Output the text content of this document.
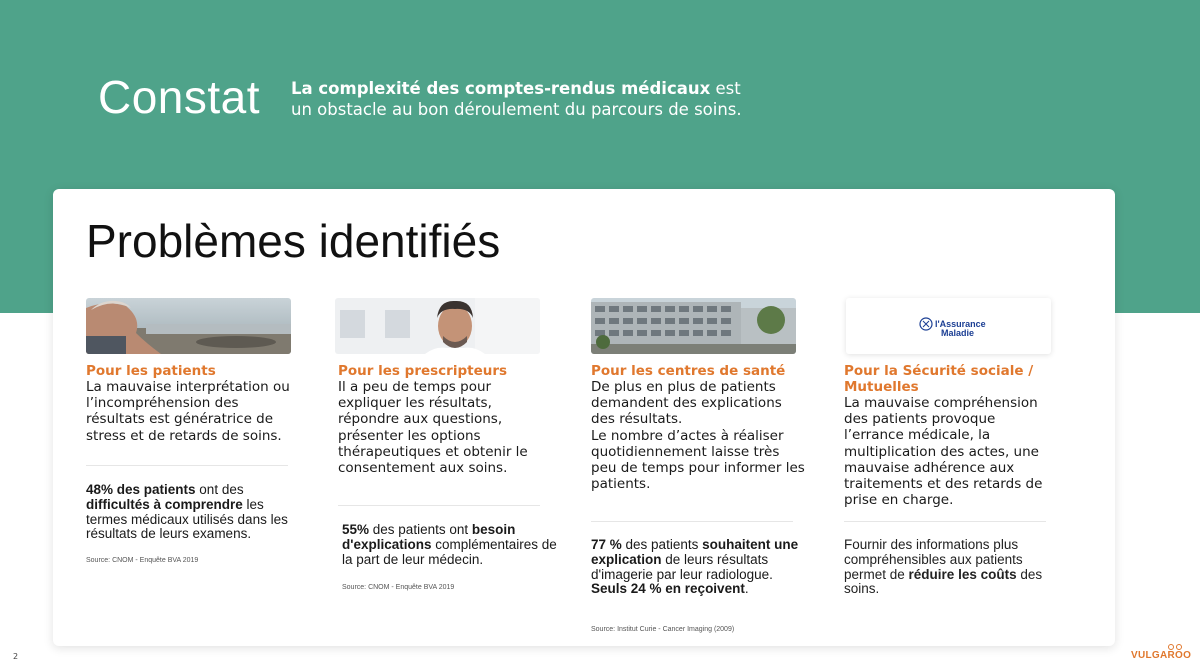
Constat La complexité des comptes-rendus médicaux est un obstacle au bon déroulement du parcours de soins.
Problèmes identifiés
Pour les patients
La mauvaise interprétation ou l’incompréhension des résultats est génératrice de stress et de retards de soins.
48% des patients ont des difficultés à comprendre les termes médicaux utilisés dans les résultats de leurs examens.
Source: CNOM - Enquête BVA 2019
Pour les prescripteurs
Il a peu de temps pour expliquer les résultats, répondre aux questions, présenter les options thérapeutiques et obtenir le consentement aux soins.
55% des patients ont besoin d'explications complémentaires de la part de leur médecin.
Source: CNOM - Enquête BVA 2019
Pour les centres de santé
De plus en plus de patients demandent des explications des résultats.
Le nombre d’actes à réaliser quotidiennement laisse très peu de temps pour informer les patients.
77 % des patients souhaitent une explication de leurs résultats d'imagerie par leur radiologue.
Seuls 24 % en reçoivent.
Source: Institut Curie - Cancer Imaging (2009)
l'Assurance
Maladie
Pour la Sécurité sociale / Mutuelles
La mauvaise compréhension des patients provoque l’errance médicale, la multiplication des actes, une mauvaise adhérence aux traitements et des retards de prise en charge.
Fournir des informations plus compréhensibles aux patients permet de réduire les coûts des soins.
2	VULGAROO
